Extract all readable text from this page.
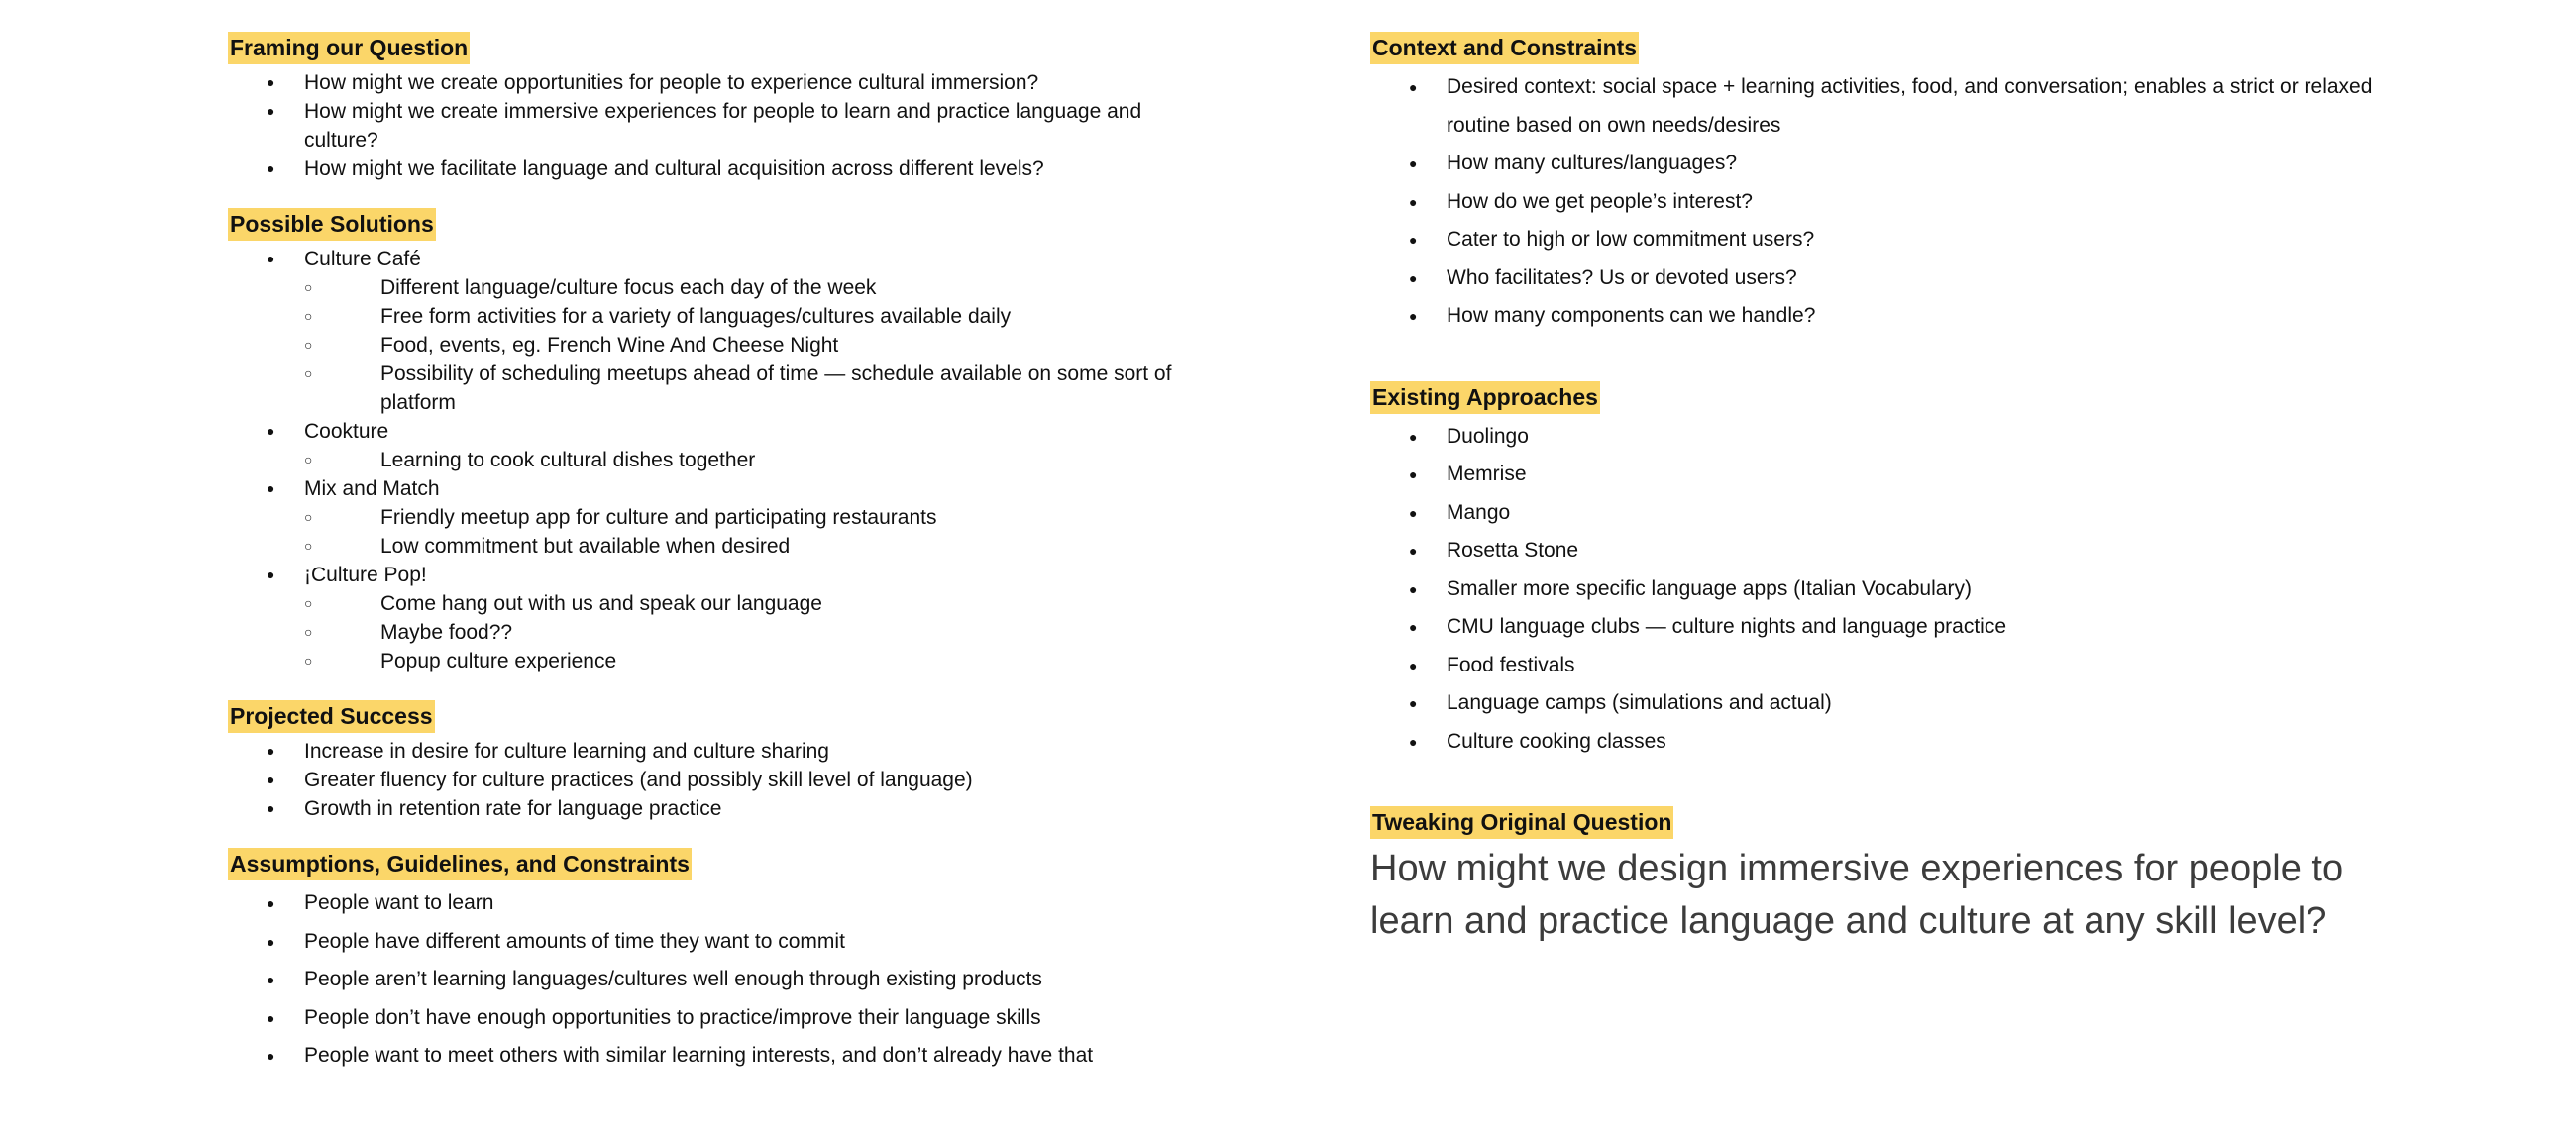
Framing our Question
● How might we create opportunities for people to experience cultural immersion?
● How might we create immersive experiences for people to learn and practice language and culture?
● How might we facilitate language and cultural acquisition across different levels?
Possible Solutions
● Culture Café
○ Different language/culture focus each day of the week
○ Free form activities for a variety of languages/cultures available daily
○ Food, events, eg. French Wine And Cheese Night
○ Possibility of scheduling meetups ahead of time — schedule available on some sort of platform
● Cookture
○ Learning to cook cultural dishes together
● Mix and Match
○ Friendly meetup app for culture and participating restaurants
○ Low commitment but available when desired
● ¡Culture Pop!
○ Come hang out with us and speak our language
○ Maybe food??
○ Popup culture experience
Projected Success
● Increase in desire for culture learning and culture sharing
● Greater fluency for culture practices (and possibly skill level of language)
● Growth in retention rate for language practice
Assumptions, Guidelines, and Constraints
● People want to learn
● People have different amounts of time they want to commit
● People aren’t learning languages/cultures well enough through existing products
● People don’t have enough opportunities to practice/improve their language skills
● People want to meet others with similar learning interests, and don’t already have that
Context and Constraints
● Desired context: social space + learning activities, food, and conversation; enables a strict or relaxed routine based on own needs/desires
● How many cultures/languages?
● How do we get people’s interest?
● Cater to high or low commitment users?
● Who facilitates? Us or devoted users?
● How many components can we handle?
Existing Approaches
● Duolingo
● Memrise
● Mango
● Rosetta Stone
● Smaller more specific language apps (Italian Vocabulary)
● CMU language clubs — culture nights and language practice
● Food festivals
● Language camps (simulations and actual)
● Culture cooking classes
Tweaking Original Question
How might we design immersive experiences for people to learn and practice language and culture at any skill level?
